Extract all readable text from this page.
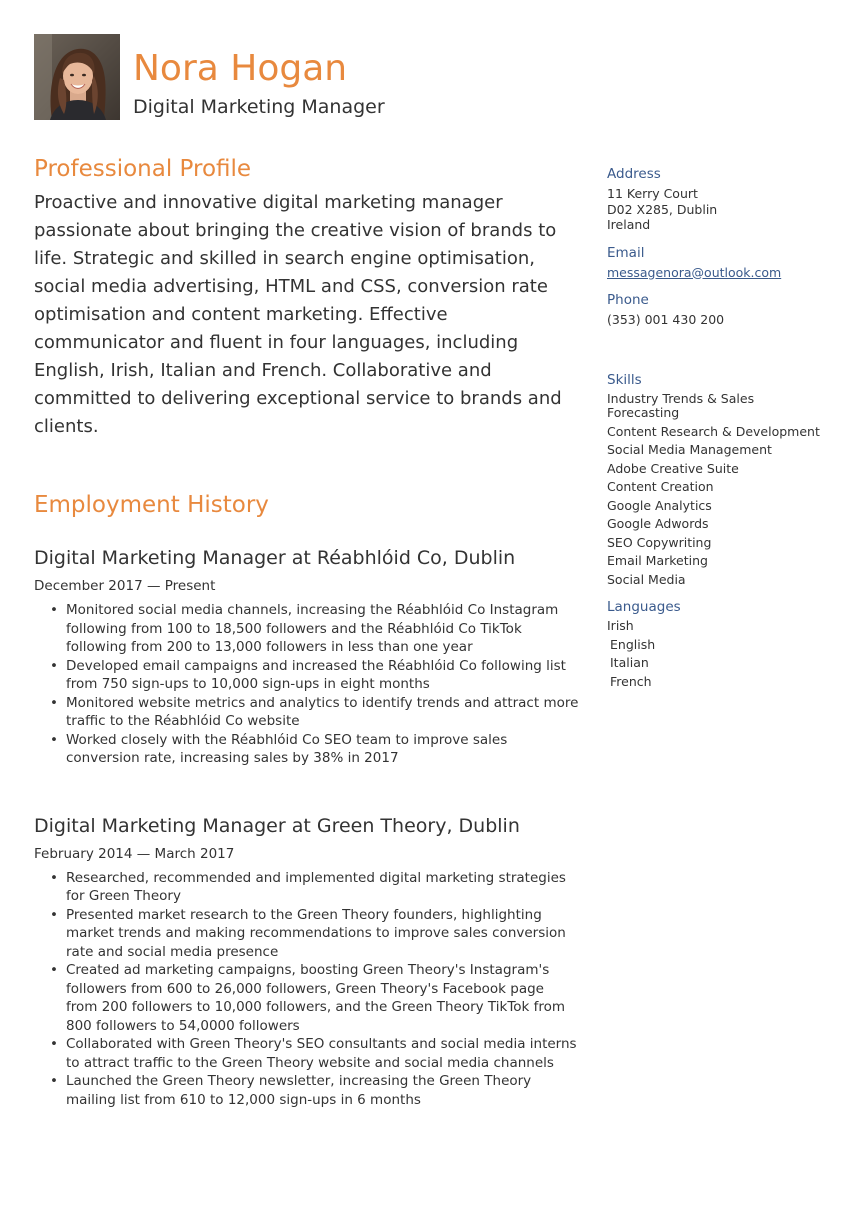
Nora Hogan
Digital Marketing Manager
Professional Profile

Proactive and innovative digital marketing manager passionate about bringing the creative vision of brands to life. Strategic and skilled in search engine optimisation, social media advertising, HTML and CSS, conversion rate optimisation and content marketing. Effective communicator and fluent in four languages, including English, Irish, Italian and French. Collaborative and committed to delivering exceptional service to brands and clients.

Employment History
Digital Marketing Manager at Réabhlóid Co, Dublin

December 2017 — Present

• Monitored social media channels, increasing the Réabhlóid Co Instagram following from 100 to 18,500 followers and the Réabhlóid Co TikTok following from 200 to 13,000 followers in less than one year
• Developed email campaigns and increased the Réabhlóid Co following list from 750 sign-ups to 10,000 sign-ups in eight months
• Monitored website metrics and analytics to identify trends and attract more traffic to the Réabhlóid Co website
• Worked closely with the Réabhlóid Co SEO team to improve sales conversion rate, increasing sales by 38% in 2017
Digital Marketing Manager at Green Theory, Dublin

February 2014 — March 2017

• Researched, recommended and implemented digital marketing strategies for Green Theory
• Presented market research to the Green Theory founders, highlighting market trends and making recommendations to improve sales conversion rate and social media presence
• Created ad marketing campaigns, boosting Green Theory's Instagram's followers from 600 to 26,000 followers, Green Theory's Facebook page from 200 followers to 10,000 followers, and the Green Theory TikTok from 800 followers to 54,0000 followers
• Collaborated with Green Theory's SEO consultants and social media interns to attract traffic to the Green Theory website and social media channels
• Launched the Green Theory newsletter, increasing the Green Theory mailing list from 610 to 12,000 sign-ups in 6 months
Address
11 Kerry Court
D02 X285, Dublin
Ireland
Email
messagenora@outlook.com
Phone
(353) 001 430 200
Skills
Industry Trends & Sales Forecasting
Content Research & Development
Social Media Management
Adobe Creative Suite
Content Creation
Google Analytics
Google Adwords
SEO Copywriting
Email Marketing
Social Media
Languages
Irish
English
Italian
French
